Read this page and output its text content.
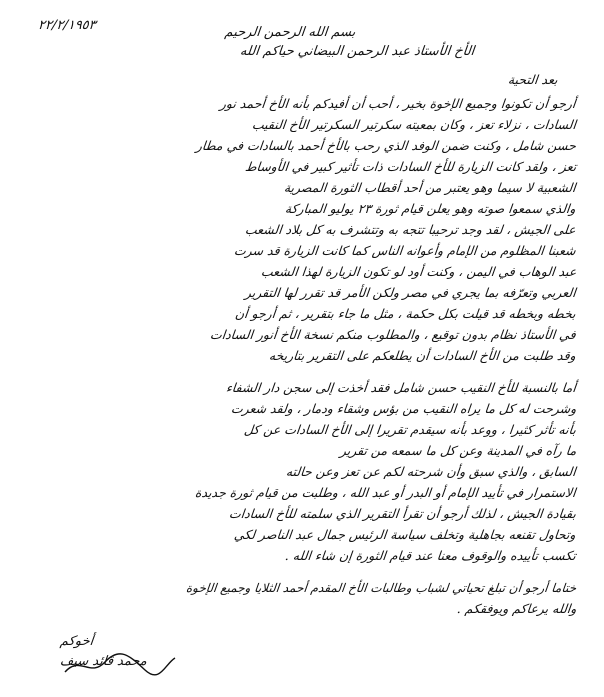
٢٢/٢/١٩٥٣	بسم الله الرحمن الرحيم
الأخ الأستاذ عبد الرحمن البيضاني حياكم الله
بعد التحية
أرجو أن تكونوا وجميع الإخوة بخير ، أحب أن أفيدكم بأنه الأخ أحمد نور
السادات ، نزلاء تعز ، وكان بمعيته سكرتير السكرتير الأخ النقيب
حسن شامل ، وكنت ضمن الوفد الذي رحب بالأخ أحمد بالسادات في مطار
تعز ، ولقد كانت الزيارة للأخ السادات ذات تأثير كبير في الأوساط
الشعبية لا سيما وهو يعتبر من أحد أقطاب الثورة المصرية
والذي سمعوا صوته وهو يعلن قيام ثورة ٢٣ يوليو المباركة
على الجيش ، لقد وجد ترحيبا تتجه به وتتشرف به كل بلاد الشعب
شعبنا المظلوم من الإمام وأعوانه الناس كما كانت الزيارة قد سرت
عبد الوهاب في اليمن ، وكنت أود لو تكون الزيارة لهذا الشعب
العربي وتعرّفه بما يجري في مصر ولكن الأمر قد تقرر لها التقرير
بخطه وبخطه قد قيلت بكل حكمة ، مثل ما جاء بتقرير ، ثم أرجو أن
في الأستاذ نظام بدون توقيع ، والمطلوب منكم نسخة الأخ أنور السادات
وقد طلبت من الأخ السادات أن يطلعكم على التقرير بتاريخه
أما بالنسبة للأخ النقيب حسن شامل فقد أخذت إلى سجن دار الشفاء
وشرحت له كل ما يراه النقيب من بؤس وشقاء ودمار ، ولقد شعرت
بأنه تأثر كثيرا ، ووعد بأنه سيقدم تقريرا إلى الأخ السادات عن كل
ما رآه في المدينة وعن كل ما سمعه من تقرير
السابق ، والذي سبق وأن شرحته لكم عن تعز وعن حالته
الاستمرار في تأييد الإمام أو البدر أو عبد الله ، وطلبت من قيام ثورة جديدة
بقيادة الجيش ، لذلك أرجو أن تقرأ التقرير الذي سلمته للأخ السادات
وتحاول تقنعه بجاهلية وتخلف سياسة الرئيس جمال عبد الناصر لكي
تكسب تأييده والوقوف معنا عند قيام الثورة إن شاء الله .
ختاما أرجو أن تبلغ تحياتي لشباب وطالبات الأخ المقدم أحمد الثلايا وجميع الإخوة
والله يرعاكم ويوفقكم .
أخوكم
محمد قائد سيف
